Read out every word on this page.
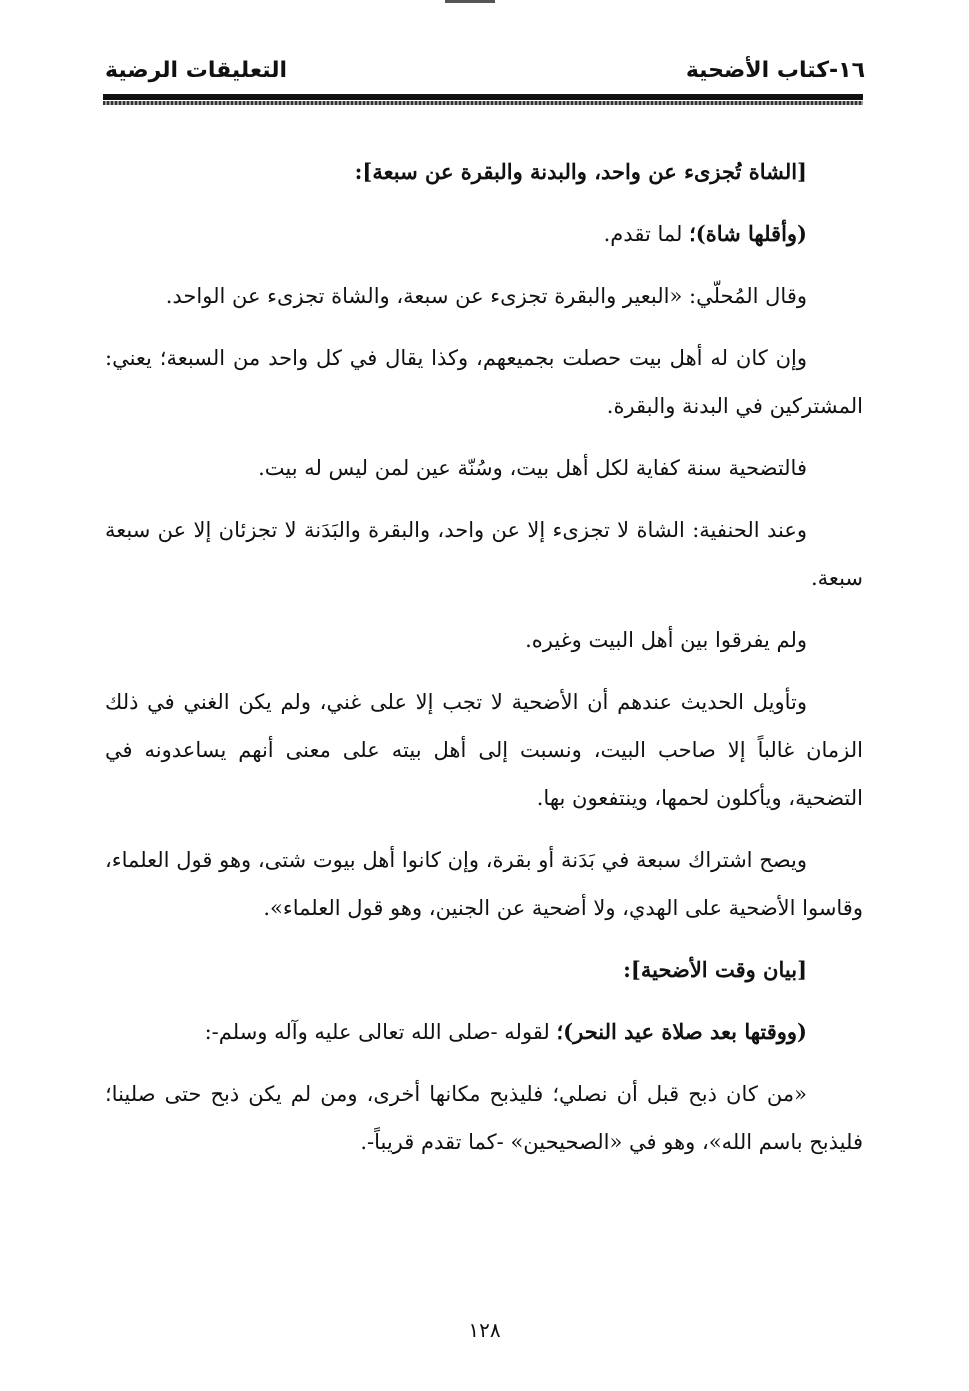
١٦-كتاب الأضحية
التعليقات الرضية

[الشاة تُجزىء عن واحد، والبدنة والبقرة عن سبعة]:

(وأقلها شاة)؛ لما تقدم.

وقال المُحلّي: «البعير والبقرة تجزىء عن سبعة، والشاة تجزىء عن الواحد.

وإن كان له أهل بيت حصلت بجميعهم، وكذا يقال في كل واحد من السبعة؛ يعني: المشتركين في البدنة والبقرة.

فالتضحية سنة كفاية لكل أهل بيت، وسُنّة عين لمن ليس له بيت.

وعند الحنفية: الشاة لا تجزىء إلا عن واحد، والبقرة والبَدَنة لا تجزئان إلا عن سبعة سبعة.

ولم يفرقوا بين أهل البيت وغيره.

وتأويل الحديث عندهم أن الأضحية لا تجب إلا على غني، ولم يكن الغني في ذلك الزمان غالباً إلا صاحب البيت، ونسبت إلى أهل بيته على معنى أنهم يساعدونه في التضحية، ويأكلون لحمها، وينتفعون بها.

ويصح اشتراك سبعة في بَدَنة أو بقرة، وإن كانوا أهل بيوت شتى، وهو قول العلماء، وقاسوا الأضحية على الهدي، ولا أضحية عن الجنين، وهو قول العلماء».

[بيان وقت الأضحية]:

(ووقتها بعد صلاة عيد النحر)؛ لقوله -صلى الله تعالى عليه وآله وسلم-:

«من كان ذبح قبل أن نصلي؛ فليذبح مكانها أخرى، ومن لم يكن ذبح حتى صلينا؛ فليذبح باسم الله»، وهو في «الصحيحين» -كما تقدم قريباً-.

١٢٨
